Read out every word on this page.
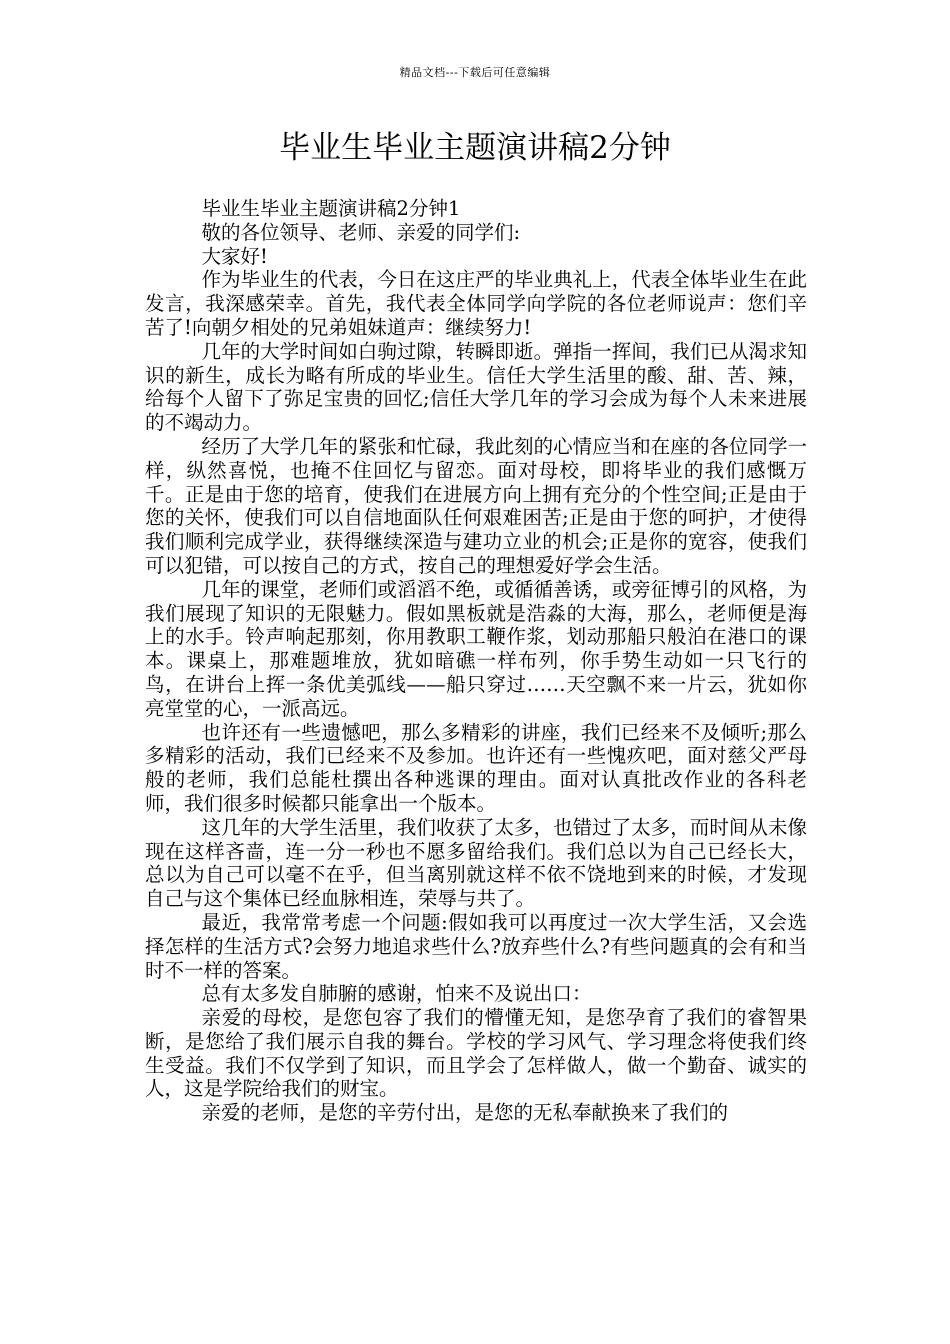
精品文档---下载后可任意编辑
毕业生毕业主题演讲稿2分钟

毕业生毕业主题演讲稿2分钟1

敬的各位领导、老师、亲爱的同学们:

大家好!

作为毕业生的代表，今日在这庄严的毕业典礼上，代表全体毕业生在此发言，我深感荣幸。首先，我代表全体同学向学院的各位老师说声：您们辛苦了!向朝夕相处的兄弟姐妹道声：继续努力!

几年的大学时间如白驹过隙，转瞬即逝。弹指一挥间，我们已从渴求知识的新生，成长为略有所成的毕业生。信任大学生活里的酸、甜、苦、辣，给每个人留下了弥足宝贵的回忆;信任大学几年的学习会成为每个人未来进展的不竭动力。

经历了大学几年的紧张和忙碌，我此刻的心情应当和在座的各位同学一样，纵然喜悦，也掩不住回忆与留恋。面对母校，即将毕业的我们感慨万千。正是由于您的培育，使我们在进展方向上拥有充分的个性空间;正是由于您的关怀，使我们可以自信地面队任何艰难困苦;正是由于您的呵护，才使得我们顺利完成学业，获得继续深造与建功立业的机会;正是你的宽容，使我们可以犯错，可以按自己的方式，按自己的理想爱好学会生活。

几年的课堂，老师们或滔滔不绝，或循循善诱，或旁征博引的风格，为我们展现了知识的无限魅力。假如黑板就是浩淼的大海，那么，老师便是海上的水手。铃声响起那刻，你用教职工鞭作浆，划动那船只般泊在港口的课本。课桌上，那难题堆放，犹如暗礁一样布列，你手势生动如一只飞行的鸟，在讲台上挥一条优美弧线——船只穿过……天空飘不来一片云，犹如你亮堂堂的心，一派高远。

也许还有一些遗憾吧，那么多精彩的讲座，我们已经来不及倾听;那么多精彩的活动，我们已经来不及参加。也许还有一些愧疚吧，面对慈父严母般的老师，我们总能杜撰出各种逃课的理由。面对认真批改作业的各科老师，我们很多时候都只能拿出一个版本。

这几年的大学生活里，我们收获了太多，也错过了太多，而时间从未像现在这样吝啬，连一分一秒也不愿多留给我们。我们总以为自己已经长大，总以为自己可以毫不在乎，但当离别就这样不依不饶地到来的时候，才发现自己与这个集体已经血脉相连，荣辱与共了。

最近，我常常考虑一个问题:假如我可以再度过一次大学生活，又会选择怎样的生活方式?会努力地追求些什么?放弃些什么?有些问题真的会有和当时不一样的答案。

总有太多发自肺腑的感谢，怕来不及说出口：

亲爱的母校，是您包容了我们的懵懂无知，是您孕育了我们的睿智果断，是您给了我们展示自我的舞台。学校的学习风气、学习理念将使我们终生受益。我们不仅学到了知识，而且学会了怎样做人，做一个勤奋、诚实的人，这是学院给我们的财宝。

亲爱的老师，是您的辛劳付出，是您的无私奉献换来了我们的
